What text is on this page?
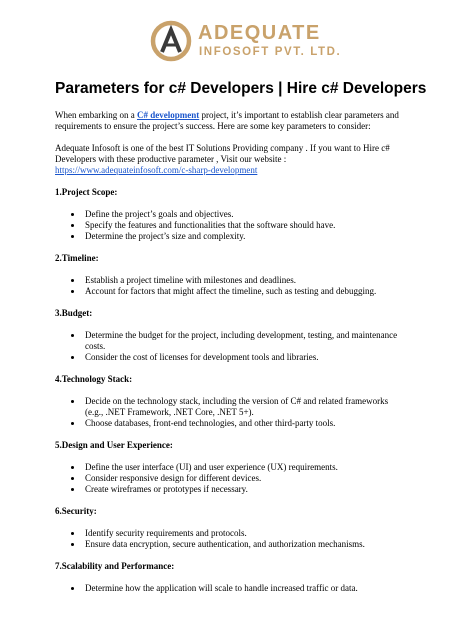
ADEQUATE
INFOSOFT PVT. LTD.
Parameters for c# Developers | Hire c# Developers

When embarking on a C# development project, it’s important to establish clear parameters and requirements to ensure the project’s success. Here are some key parameters to consider:

Adequate Infosoft is one of the best IT Solutions Providing company . If you want to Hire c# Developers with these productive parameter , Visit our website :
https://www.adequateinfosoft.com/c-sharp-development

1.Project Scope:
• Define the project’s goals and objectives.
• Specify the features and functionalities that the software should have.
• Determine the project’s size and complexity.
2.Timeline:
• Establish a project timeline with milestones and deadlines.
• Account for factors that might affect the timeline, such as testing and debugging.
3.Budget:
• Determine the budget for the project, including development, testing, and maintenance costs.
• Consider the cost of licenses for development tools and libraries.
4.Technology Stack:
• Decide on the technology stack, including the version of C# and related frameworks (e.g., .NET Framework, .NET Core, .NET 5+).
• Choose databases, front-end technologies, and other third-party tools.
5.Design and User Experience:
• Define the user interface (UI) and user experience (UX) requirements.
• Consider responsive design for different devices.
• Create wireframes or prototypes if necessary.
6.Security:
• Identify security requirements and protocols.
• Ensure data encryption, secure authentication, and authorization mechanisms.
7.Scalability and Performance:
• Determine how the application will scale to handle increased traffic or data.
